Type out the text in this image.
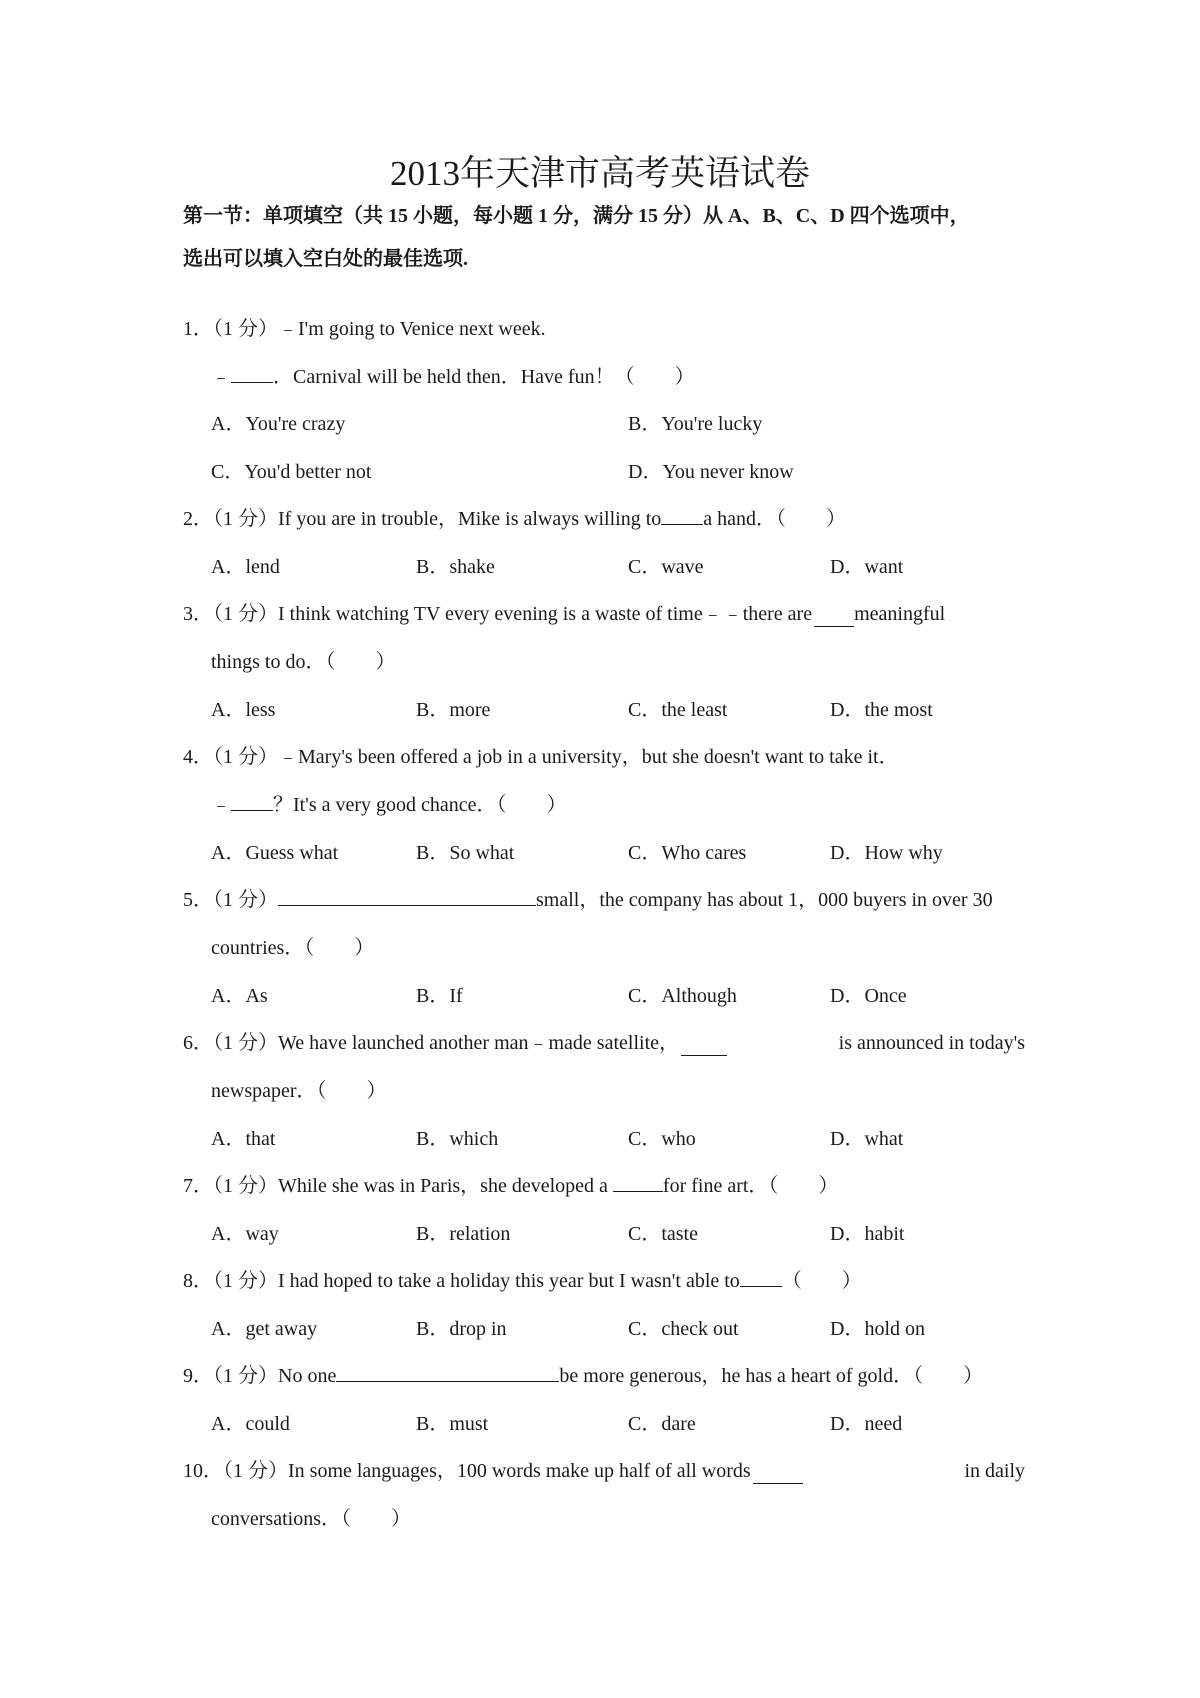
2013年天津市高考英语试卷
第一节：单项填空（共 15 小题，每小题 1 分，满分 15 分）从 A、B、C、D 四个选项中，
选出可以填入空白处的最佳选项.
1．（1 分）﹣I'm going to Venice next week.
﹣ ．Carnival will be held then．Have fun！（　　）
A．You're crazy	B．You're lucky
C．You'd better not	D．You never know
2．（1 分）If you are in trouble，Mike is always willing to a hand．（　　）
A．lend	B．shake	C．wave	D．want
3．（1 分）I think watching TV every evening is a waste of time﹣﹣there are meaningful
things to do．（　　）
A．less	B．more	C．the least	D．the most
4．（1 分）﹣Mary's been offered a job in a university，but she doesn't want to take it．
﹣ ？It's a very good chance．（　　）
A．Guess what	B．So what	C．Who cares	D．How why
5．（1 分）	small，the company has about 1，000 buyers in over 30
countries．（　　）
A．As	B．If	C．Although	D．Once
6．（1 分）We have launched another man﹣made satellite，	is announced in today's
newspaper．（　　）
A．that	B．which	C．who	D．what
7．（1 分）While she was in Paris，she developed a	for fine art．（　　）
A．way	B．relation	C．taste	D．habit
8．（1 分）I had hoped to take a holiday this year but I wasn't able to （　　）
A．get away	B．drop in	C．check out	D．hold on
9．（1 分）No one	be more generous，he has a heart of gold．（　　）
A．could	B．must	C．dare	D．need
10．（1 分）In some languages，100 words make up half of all words	in daily
conversations．（　　）
